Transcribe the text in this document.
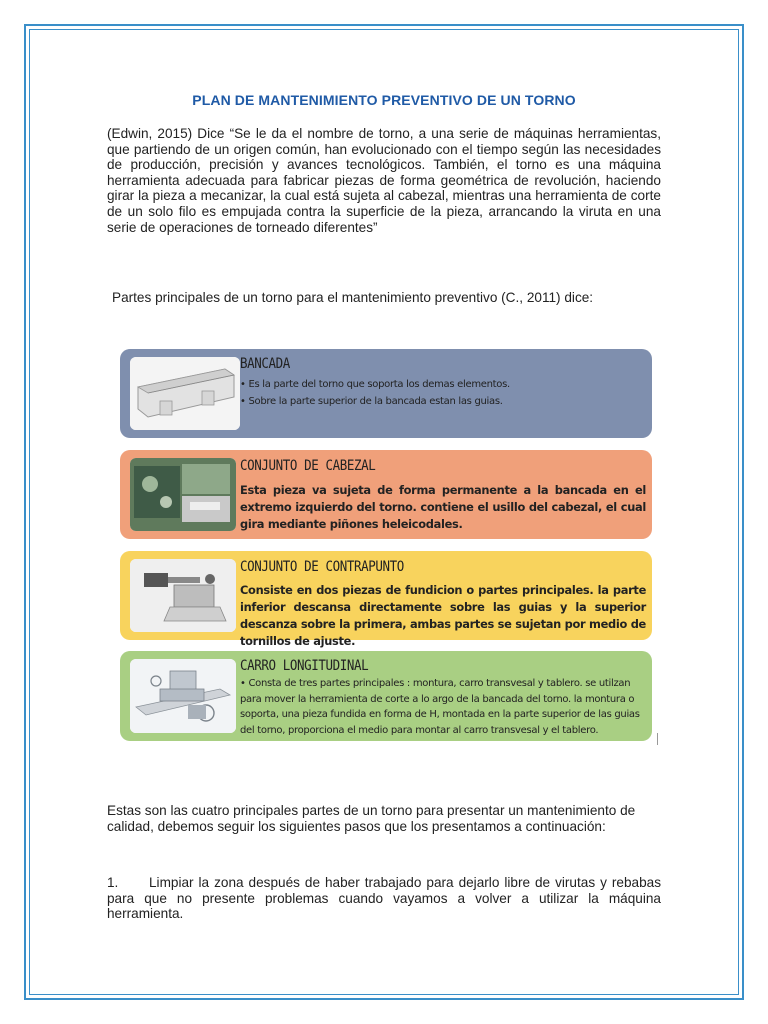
PLAN DE MANTENIMIENTO PREVENTIVO DE UN TORNO
(Edwin, 2015) Dice “Se le da el nombre de torno, a una serie de máquinas herramientas, que partiendo de un origen común, han evolucionado con el tiempo según las necesidades de producción, precisión y avances tecnológicos. También, el torno es una máquina herramienta adecuada para fabricar piezas de forma geométrica de revolución, haciendo girar la pieza a mecanizar, la cual está sujeta al cabezal, mientras una herramienta de corte de un solo filo es empujada contra la superficie de la pieza, arrancando la viruta en una serie de operaciones de torneado diferentes”
Partes principales de un torno para el mantenimiento preventivo (C., 2011) dice:
BANCADA
• Es la parte del torno que soporta los demas elementos.
• Sobre la parte superior de la bancada estan las guias.
CONJUNTO DE CABEZAL
Esta pieza va sujeta de forma permanente a la bancada en el extremo izquierdo del torno. contiene el usillo del cabezal, el cual gira mediante piñones heleicodales.
CONJUNTO DE CONTRAPUNTO
Consiste en dos piezas de fundicion o partes principales. la parte inferior descansa directamente sobre las guias y la superior descanza sobre la primera, ambas partes se sujetan por medio de tornillos de ajuste.
CARRO LONGITUDINAL
• Consta de tres partes principales : montura, carro transvesal y tablero. se utilzan para mover la herramienta de corte a lo argo de la bancada del torno. la montura o soporta, una pieza fundida en forma de H, montada en la parte superior de las guias del torno, proporciona el medio para montar al carro transvesal y el tablero.
Estas son las cuatro principales partes de un torno para presentar un mantenimiento de calidad, debemos seguir los siguientes pasos que los presentamos a continuación:
1. Limpiar la zona después de haber trabajado para dejarlo libre de virutas y rebabas para que no presente problemas cuando vayamos a volver a utilizar la máquina herramienta.
